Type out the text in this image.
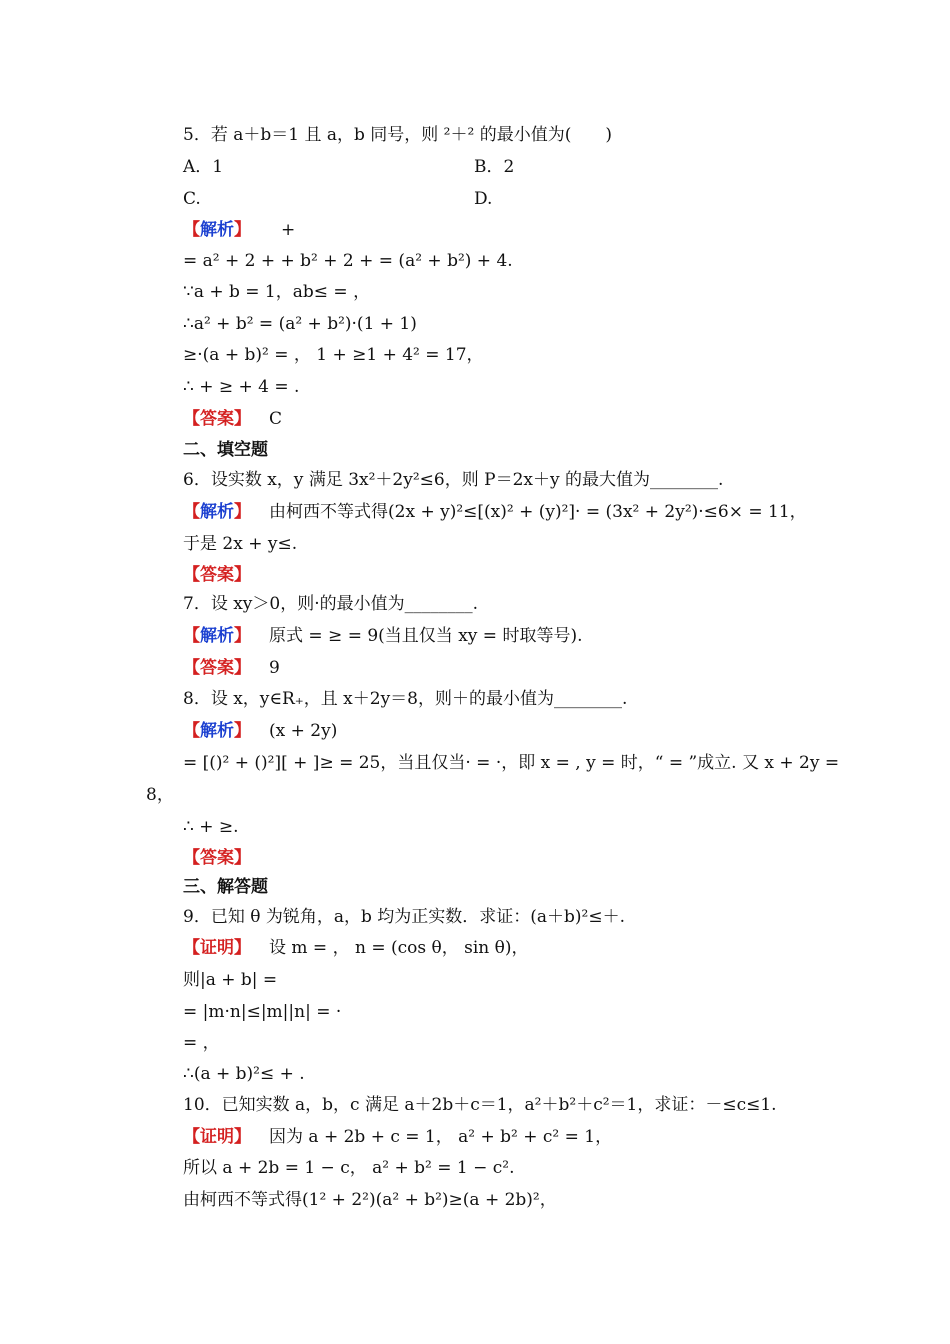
5．若 a＋b＝1 且 a，b 同号，则 ²＋² 的最小值为(　　)
A．1	B．2
C.	D.
【解析】 +
= a² + 2 + + b² + 2 + = (a² + b²) + 4.
∵a + b = 1，ab≤ = ，
∴a² + b² = (a² + b²)·(1 + 1)
≥·(a + b)² = ， 1 + ≥1 + 4² = 17，
∴ + ≥ + 4 = .
【答案】 C
二、填空题
6．设实数 x，y 满足 3x²＋2y²≤6，则 P＝2x＋y 的最大值为________.
【解析】 由柯西不等式得(2x + y)²≤[(x)² + (y)²]· = (3x² + 2y²)·≤6× = 11，
于是 2x + y≤.
【答案】
7．设 xy＞0，则·的最小值为________.
【解析】 原式 = ≥ = 9(当且仅当 xy = 时取等号).
【答案】 9
8．设 x，y∈R₊，且 x＋2y＝8，则＋的最小值为________.
【解析】 (x + 2y)
= [()² + ()²][ + ]≥ = 25，当且仅当· = ·，即 x = , y = 时，“ = ”成立. 又 x + 2y =
8，
∴ + ≥.
【答案】
三、解答题
9．已知 θ 为锐角，a，b 均为正实数．求证：(a＋b)²≤＋.
【证明】 设 m = ， n = (cos θ， sin θ)，
则|a + b| =
= |m·n|≤|m||n| = ·
= ，
∴(a + b)²≤ + .
10．已知实数 a，b，c 满足 a＋2b＋c＝1，a²＋b²＋c²＝1，求证：－≤c≤1.
【证明】 因为 a + 2b + c = 1， a² + b² + c² = 1，
所以 a + 2b = 1 − c， a² + b² = 1 − c².
由柯西不等式得(1² + 2²)(a² + b²)≥(a + 2b)²，
